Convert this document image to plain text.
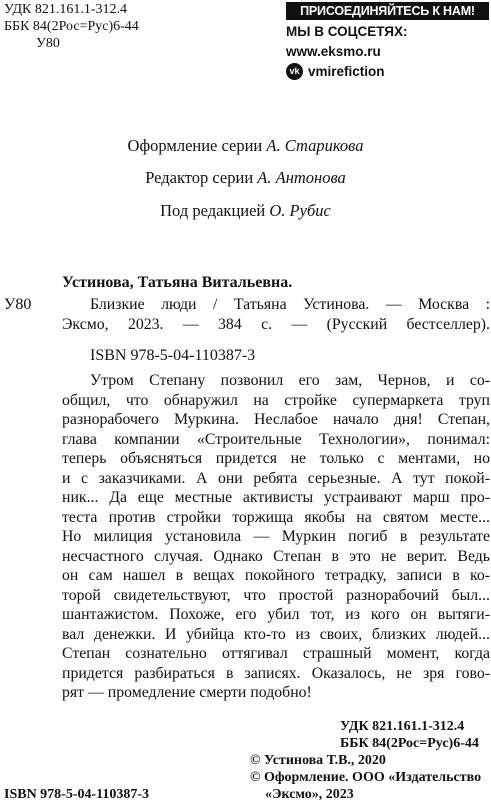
УДК 821.161.1-312.4
ББК 84(2Рос=Рус)6-44
У80
ПРИСОЕДИНЯЙТЕСЬ К НАМ!
МЫ В СОЦСЕТЯХ:
www.eksmo.ru
vk vmirefiction
Оформление серии А. Старикова
Редактор серии А. Антонова
Под редакцией О. Рубис
Устинова, Татьяна Витальевна.
У80	Близкие люди / Татьяна Устинова. — Москва :
Эксмо, 2023. — 384 с. — (Русский бестселлер).
ISBN 978-5-04-110387-3
Утром Степану позвонил его зам, Чернов, и со-
общил, что обнаружил на стройке супермаркета труп
разнорабочего Муркина. Неслабое начало дня! Степан,
глава компании «Строительные Технологии», понимал:
теперь объясняться придется не только с ментами, но
и с заказчиками. А они ребята серьезные. А тут покой-
ник... Да еще местные активисты устраивают марш про-
теста против стройки торжища якобы на святом месте...
Но милиция установила — Муркин погиб в результате
несчастного случая. Однако Степан в это не верит. Ведь
он сам нашел в вещах покойного тетрадку, записи в ко-
торой свидетельствуют, что простой разнорабочий был...
шантажистом. Похоже, его убил тот, из кого он вытяги-
вал денежки. И убийца кто-то из своих, близких людей...
Степан сознательно оттягивал страшный момент, когда
придется разбираться в записях. Оказалось, не зря гово-
рят — промедление смерти подобно!
УДК 821.161.1-312.4
ББК 84(2Рос=Рус)6-44
© Устинова Т.В., 2020
© Оформление. ООО «Издательство
«Эксмо», 2023
ISBN 978-5-04-110387-3
